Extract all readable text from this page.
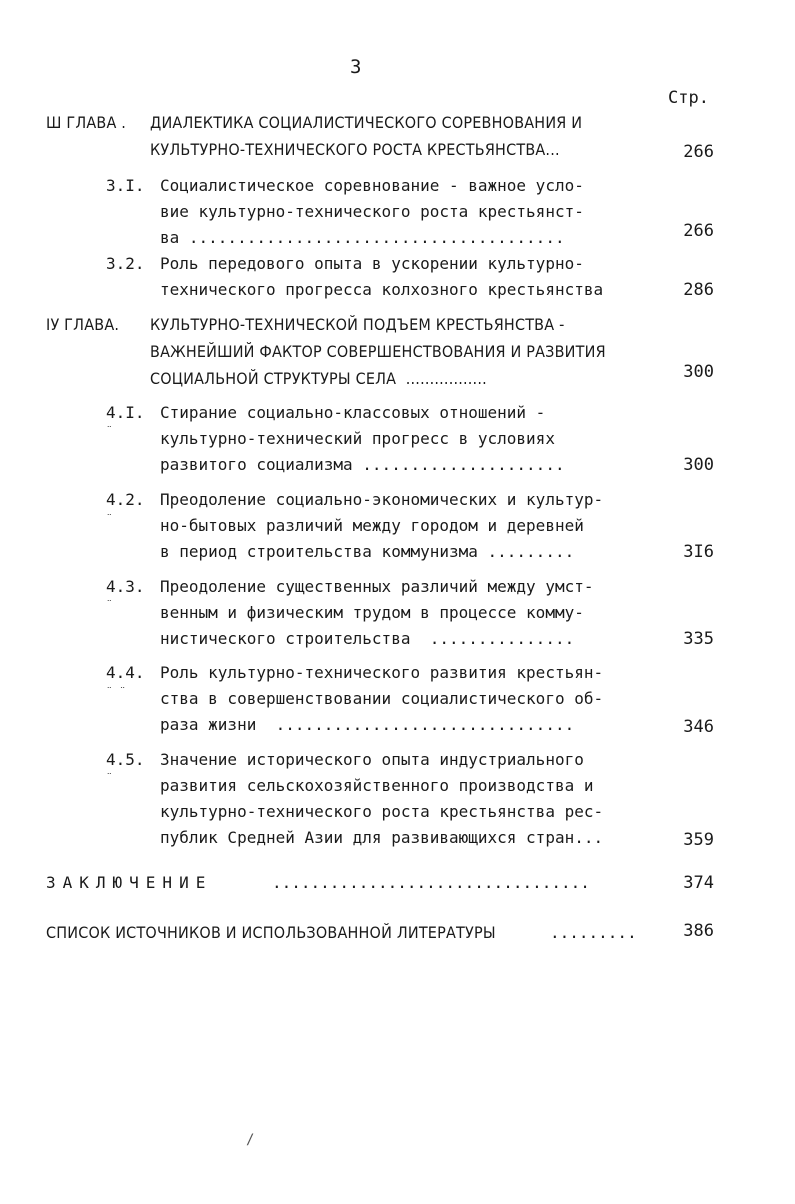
3
Стр.
Ш ГЛАВА . ДИАЛЕКТИКА СОЦИАЛИСТИЧЕСКОГО СОРЕВНОВАНИЯ И
КУЛЬТУРНО-ТЕХНИЧЕСКОГО РОСТА КРЕСТЬЯНСТВА...	266
3.I. Социалистическое соревнование - важное усло-
вие культурно-технического роста крестьянст-
ва .......................................	266
3.2. Роль передового опыта в ускорении культурно-
технического прогресса колхозного крестьянства	286
IУ ГЛАВА. КУЛЬТУРНО-ТЕХНИЧЕСКОЙ ПОДЪЕМ КРЕСТЬЯНСТВА -
ВАЖНЕЙШИЙ ФАКТОР СОВЕРШЕНСТВОВАНИЯ И РАЗВИТИЯ
СОЦИАЛЬНОЙ СТРУКТУРЫ СЕЛА  .................	300
4.I. Стирание социально-классовых отношений -
культурно-технический прогресс в условиях
развитого социализма .....................	300
4.2. Преодоление социально-экономических и культур-
но-бытовых различий между городом и деревней
в период строительства коммунизма .........	3I6
4.3. Преодоление существенных различий между умст-
венным и физическим трудом в процессе комму-
нистического строительства  ...............	335
4.4. Роль культурно-технического развития крестьян-
ства в совершенствовании социалистического об-
раза жизни  ...............................	346
4.5. Значение исторического опыта индустриального
развития сельскохозяйственного производства и
культурно-технического роста крестьянства рес-
публик Средней Азии для развивающихся стран...	359
ЗАКЛЮЧЕНИЕ	.................................	374
СПИСОК ИСТОЧНИКОВ И ИСПОЛЬЗОВАННОЙ ЛИТЕРАТУРЫ	.........	386
¨
¨
¨
¨ ¨
¨
/
